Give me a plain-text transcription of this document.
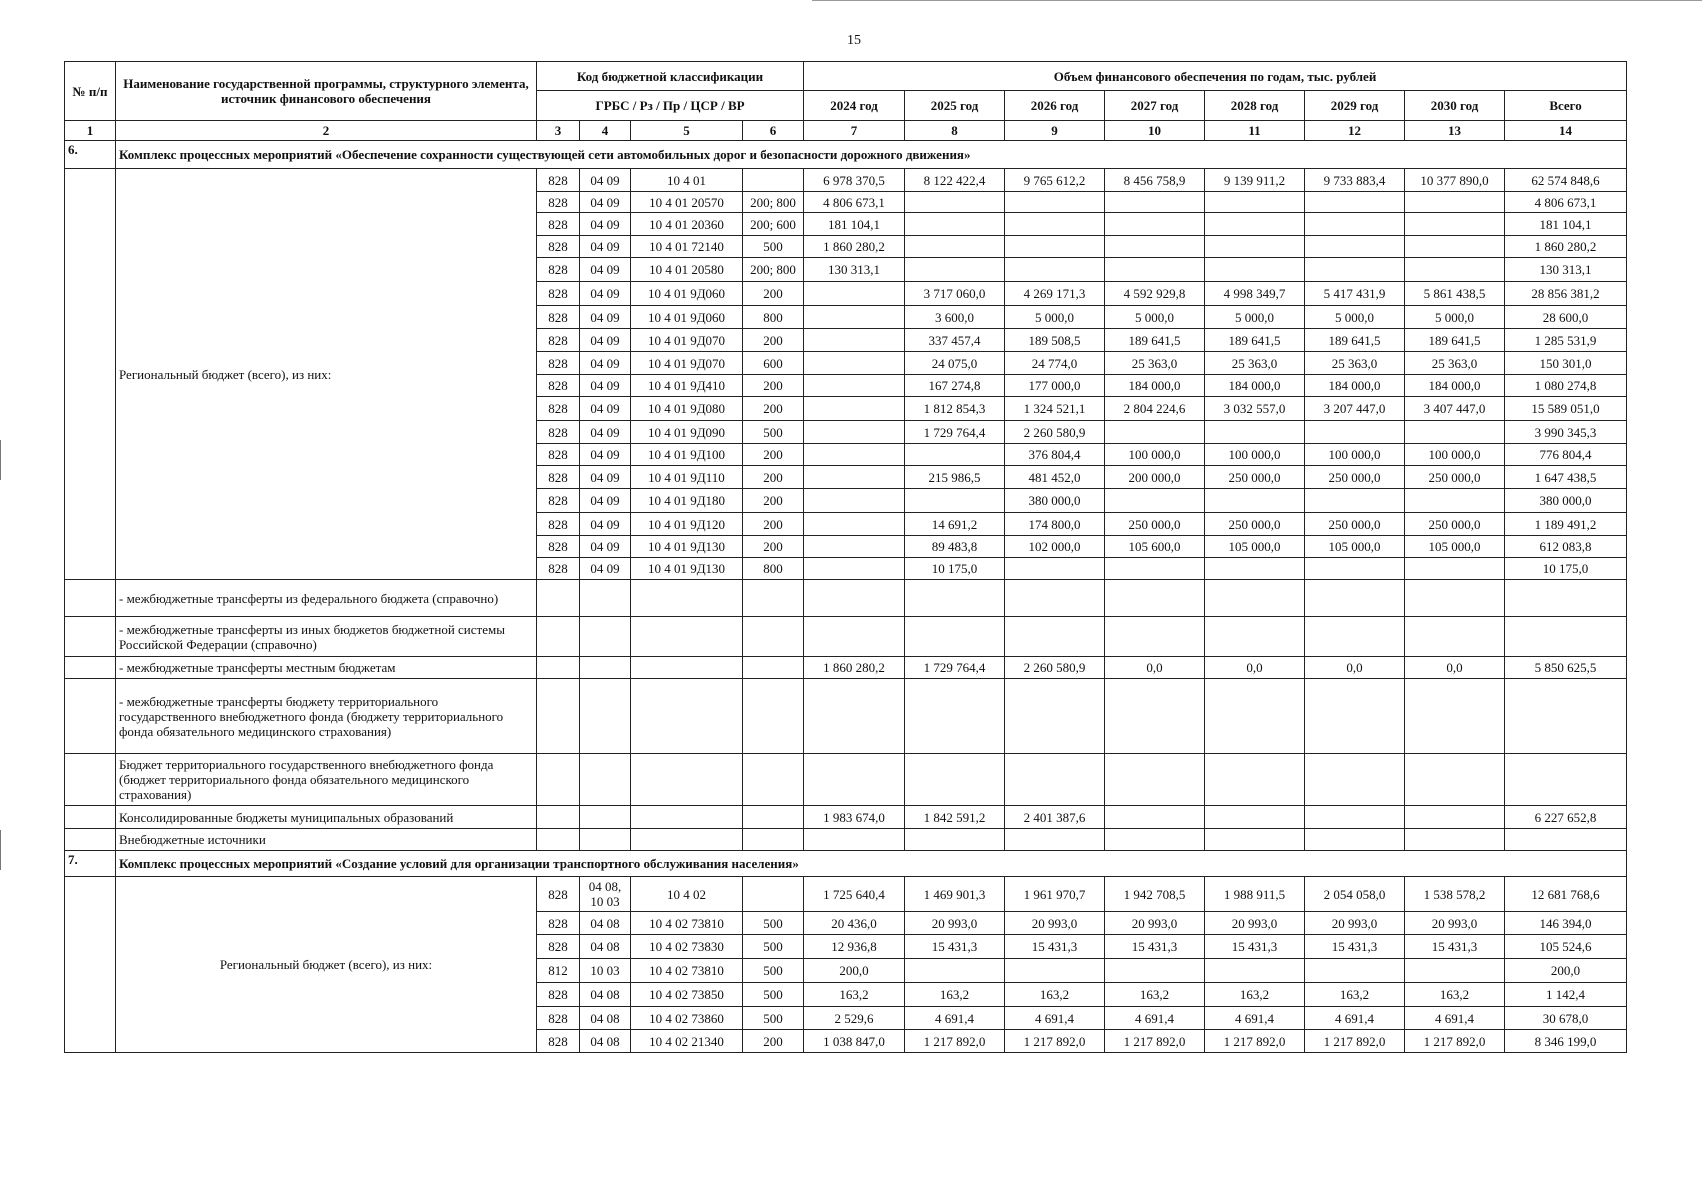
15
№ п/п	Наименование государственной программы, структурного элемента, источник финансового обеспечения	Код бюджетной классификации				Объем финансового обеспечения по годам, тыс. рублей							
		ГРБС / Рз / Пр / ЦСР / ВР				2024 год	2025 год	2026 год	2027 год	2028 год	2029 год	2030 год	Всего
1	2	3	4	5	6	7	8	9	10	11	12	13	14
6.	Комплекс процессных мероприятий «Обеспечение сохранности существующей сети автомобильных дорог и безопасности дорожного движения»												
	Региональный бюджет (всего), из них:	828	04 09	10 4 01		6 978 370,5	8 122 422,4	9 765 612,2	8 456 758,9	9 139 911,2	9 733 883,4	10 377 890,0	62 574 848,6
		828	04 09	10 4 01 20570	200; 800	4 806 673,1							4 806 673,1
		828	04 09	10 4 01 20360	200; 600	181 104,1							181 104,1
		828	04 09	10 4 01 72140	500	1 860 280,2							1 860 280,2
		828	04 09	10 4 01 20580	200; 800	130 313,1							130 313,1
		828	04 09	10 4 01 9Д060	200		3 717 060,0	4 269 171,3	4 592 929,8	4 998 349,7	5 417 431,9	5 861 438,5	28 856 381,2
		828	04 09	10 4 01 9Д060	800		3 600,0	5 000,0	5 000,0	5 000,0	5 000,0	5 000,0	28 600,0
		828	04 09	10 4 01 9Д070	200		337 457,4	189 508,5	189 641,5	189 641,5	189 641,5	189 641,5	1 285 531,9
		828	04 09	10 4 01 9Д070	600		24 075,0	24 774,0	25 363,0	25 363,0	25 363,0	25 363,0	150 301,0
		828	04 09	10 4 01 9Д410	200		167 274,8	177 000,0	184 000,0	184 000,0	184 000,0	184 000,0	1 080 274,8
		828	04 09	10 4 01 9Д080	200		1 812 854,3	1 324 521,1	2 804 224,6	3 032 557,0	3 207 447,0	3 407 447,0	15 589 051,0
		828	04 09	10 4 01 9Д090	500		1 729 764,4	2 260 580,9					3 990 345,3
		828	04 09	10 4 01 9Д100	200			376 804,4	100 000,0	100 000,0	100 000,0	100 000,0	776 804,4
		828	04 09	10 4 01 9Д110	200		215 986,5	481 452,0	200 000,0	250 000,0	250 000,0	250 000,0	1 647 438,5
		828	04 09	10 4 01 9Д180	200			380 000,0					380 000,0
		828	04 09	10 4 01 9Д120	200		14 691,2	174 800,0	250 000,0	250 000,0	250 000,0	250 000,0	1 189 491,2
		828	04 09	10 4 01 9Д130	200		89 483,8	102 000,0	105 600,0	105 000,0	105 000,0	105 000,0	612 083,8
		828	04 09	10 4 01 9Д130	800		10 175,0						10 175,0
	- межбюджетные трансферты из федерального бюджета (справочно)												
	- межбюджетные трансферты из иных бюджетов бюджетной системы Российской Федерации (справочно)												
	- межбюджетные трансферты местным бюджетам					1 860 280,2	1 729 764,4	2 260 580,9	0,0	0,0	0,0	0,0	5 850 625,5
	- межбюджетные трансферты бюджету территориального государственного внебюджетного фонда (бюджету территориального фонда обязательного медицинского страхования)												
	Бюджет территориального государственного внебюджетного фонда (бюджет территориального фонда обязательного медицинского страхования)												
	Консолидированные бюджеты муниципальных образований					1 983 674,0	1 842 591,2	2 401 387,6					6 227 652,8
	Внебюджетные источники												
7.	Комплекс процессных мероприятий «Создание условий для организации транспортного обслуживания населения»												
	Региональный бюджет (всего), из них:	828	04 08, 10 03	10 4 02		1 725 640,4	1 469 901,3	1 961 970,7	1 942 708,5	1 988 911,5	2 054 058,0	1 538 578,2	12 681 768,6
		828	04 08	10 4 02 73810	500	20 436,0	20 993,0	20 993,0	20 993,0	20 993,0	20 993,0	20 993,0	146 394,0
		828	04 08	10 4 02 73830	500	12 936,8	15 431,3	15 431,3	15 431,3	15 431,3	15 431,3	15 431,3	105 524,6
		812	10 03	10 4 02 73810	500	200,0							200,0
		828	04 08	10 4 02 73850	500	163,2	163,2	163,2	163,2	163,2	163,2	163,2	1 142,4
		828	04 08	10 4 02 73860	500	2 529,6	4 691,4	4 691,4	4 691,4	4 691,4	4 691,4	4 691,4	30 678,0
		828	04 08	10 4 02 21340	200	1 038 847,0	1 217 892,0	1 217 892,0	1 217 892,0	1 217 892,0	1 217 892,0	1 217 892,0	8 346 199,0
